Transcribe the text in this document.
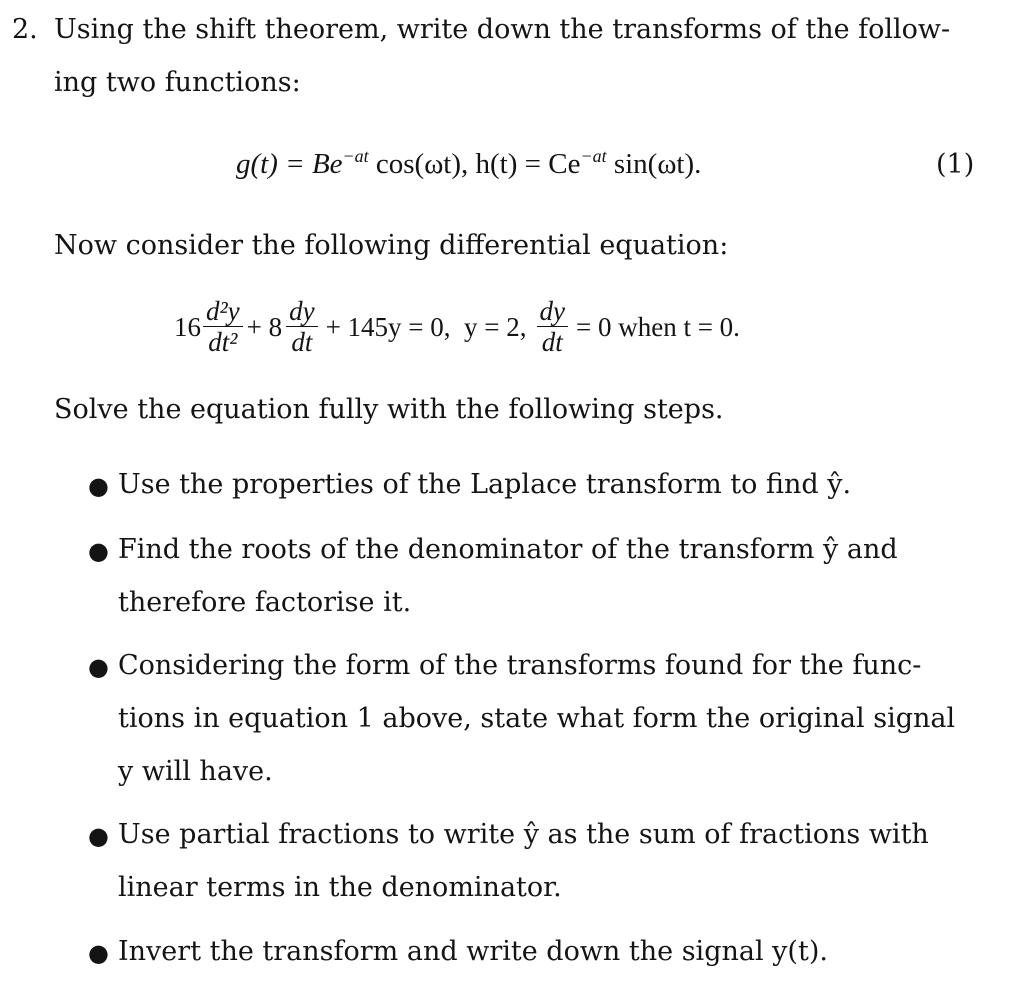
2. Using the shift theorem, write down the transforms of the follow-
ing two functions:
$g(t) = Be^{-at}$ cos(ωt), $h(t) = Ce^{-at}$ sin(ωt).	(1)
Now consider the following differential equation:
$16 \frac{\text{d²y}}{\text{dt²}} + 8 \frac{dy}{dt} + 145y = 0$,  y = 2, $\frac{dy}{dt} = 0$ when t = 0.
Solve the equation fully with the following steps.
● Use the properties of the Laplace transform to find ŷ.
● Find the roots of the denominator of the transform ŷ and
therefore factorise it.
● Considering the form of the transforms found for the func-
tions in equation 1 above, state what form the original signal
y will have.
● Use partial fractions to write ŷ as the sum of fractions with
linear terms in the denominator.
● Invert the transform and write down the signal y(t).
